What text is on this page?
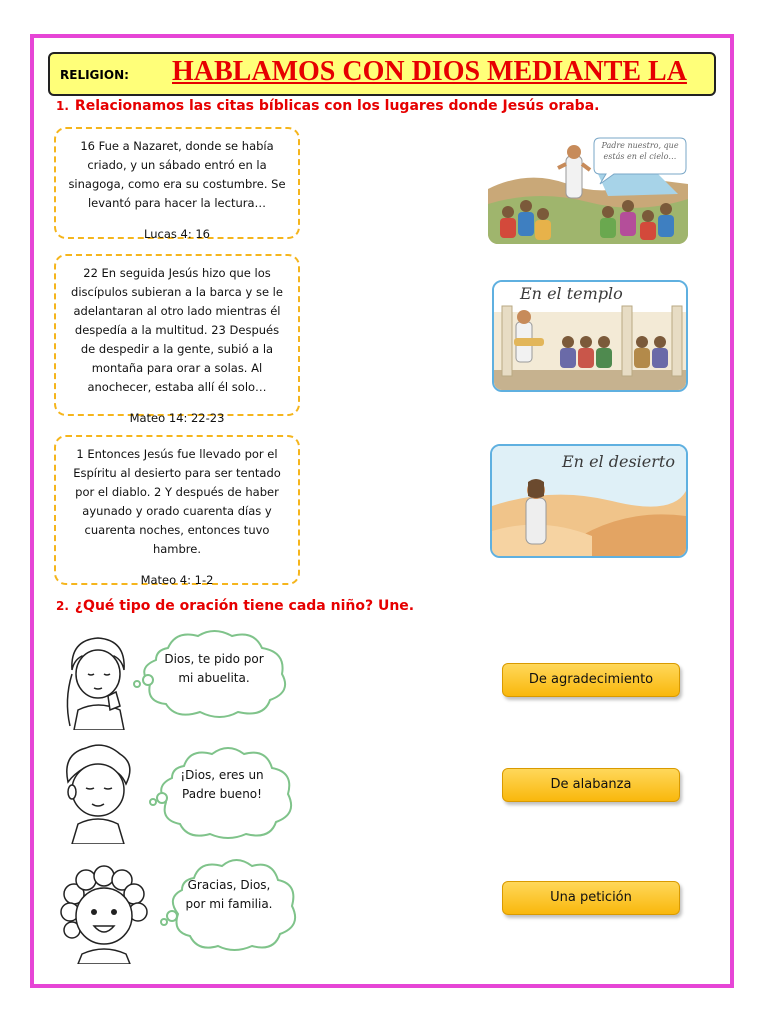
RELIGION: HABLAMOS CON DIOS MEDIANTE LA
1. Relacionamos las citas bíblicas con los lugares donde Jesús oraba.
16 Fue a Nazaret, donde se había criado, y un sábado entró en la sinagoga, como era su costumbre. Se levantó para hacer la lectura…
Lucas 4: 16
22 En seguida Jesús hizo que los discípulos subieran a la barca y se le adelantaran al otro lado mientras él despedía a la multitud. 23 Después de despedir a la gente, subió a la montaña para orar a solas. Al anochecer, estaba allí él solo…
Mateo 14: 22-23
1 Entonces Jesús fue llevado por el Espíritu al desierto para ser tentado por el diablo. 2 Y después de haber ayunado y orado cuarenta días y cuarenta noches, entonces tuvo hambre.
Mateo 4: 1-2
Padre nuestro, que estás en el cielo…
En el templo
En el desierto
2. ¿Qué tipo de oración tiene cada niño? Une.
Dios, te pido por mi abuelita.
¡Dios, eres un Padre bueno!
Gracias, Dios, por mi familia.
De agradecimiento
De alabanza
Una petición
